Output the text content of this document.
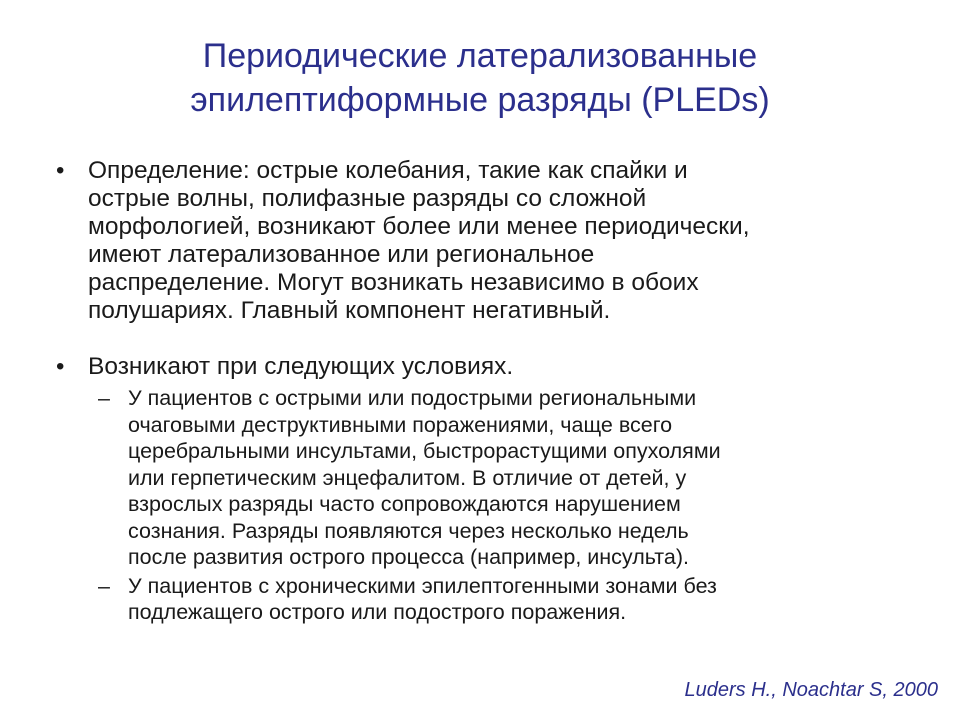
Периодические латерализованные
эпилептиформные разряды (PLEDs)
• Определение: острые колебания, такие как спайки и
острые волны, полифазные разряды со сложной
морфологией, возникают более или менее периодически,
имеют латерализованное или региональное
распределение. Могут возникать независимо в обоих
полушариях. Главный компонент негативный.
• Возникают при следующих условиях.
– У пациентов с острыми или подострыми региональными
очаговыми деструктивными поражениями, чаще всего
церебральными инсультами, быстрорастущими опухолями
или герпетическим энцефалитом. В отличие от детей, у
взрослых разряды часто сопровождаются нарушением
сознания. Разряды появляются через несколько недель
после развития острого процесса (например, инсульта).
– У пациентов с хроническими эпилептогенными зонами без
подлежащего острого или подострого поражения.
Luders H., Noachtar S, 2000
